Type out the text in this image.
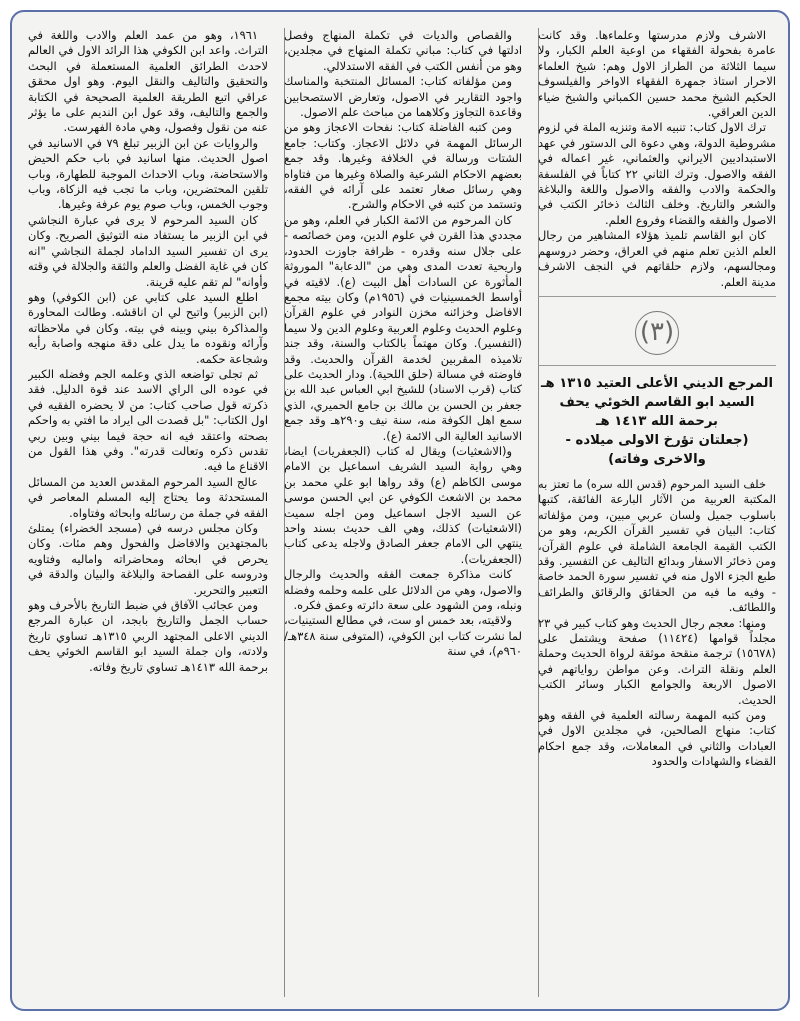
الاشرف ولازم مدرستها وعلماءها. وقد كانت عامرة بفحولة الفقهاء من اوعية العلم الكبار، ولا سيما الثلاثة من الطراز الاول وهم: شيخ العلماء الاحرار استاذ جمهرة الفقهاء الاواخر والفيلسوف الحكيم الشيخ محمد حسين الكمباني والشيخ ضياء الدين العراقي.

ترك الاول كتاب: تنبيه الامة وتنزيه الملة في لزوم مشروطية الدولة، وهي دعوة الى الدستور في عهد الاستبداديين الايراني والعثماني، غير اعماله في الفقه والاصول. وترك الثاني ٢٢ كتاباً في الفلسفة والحكمة والادب والفقه والاصول واللغة والبلاغة والشعر والتاريخ. وخلف الثالث ذخائر الكتب في الاصول والفقه والقضاء وفروع العلم.

كان ابو القاسم تلميذ هؤلاء المشاهير من رجال العلم الذين تعلم منهم في العراق، وحضر دروسهم ومجالسهم، ولازم حلقاتهم في النجف الاشرف مدينة العلم.

(٣)
المرجع الديني الأعلى العتيد ١٣١٥ هـ
السيد ابو القاسم الخوئي يحف برحمة الله ١٤١٣ هـ
(جعلتان تؤرخ الاولى ميلاده - والاخرى وفاته)

خلف السيد المرحوم (قدس الله سره) ما تعتز به المكتبة العربية من الآثار البارعة الفائقة، كتبها باسلوب جميل ولسان عربي مبين، ومن مؤلفاته كتاب: البيان في تفسير القرآن الكريم، وهو من الكتب القيمة الجامعة الشاملة في علوم القرآن، ومن ذخائر الاسفار وبدائع التاليف عن التفسير. وقد طبع الجزء الاول منه في تفسير سورة الحمد خاصة - وفيه ما فيه من الحقائق والرقائق والطرائف واللطائف.

ومنها: معجم رجال الحديث وهو كتاب كبير في ٢٣ مجلداً قوامها (١١٤٢٤) صفحة ويشتمل على (١٥٦٧٨) ترجمة منقحة موثقة لرواة الحديث وحملة العلم ونقلة التراث. وعن مواطن رواياتهم في الاصول الاربعة والجوامع الكبار وسائر الكتب الحديث.

ومن كتبه المهمة رسالته العلمية في الفقه وهو كتاب: منهاج الصالحين، في مجلدين الاول في العبادات والثاني في المعاملات، وقد جمع احكام القضاء والشهادات والحدود

والقصاص والديات في تكملة المنهاج وفصل ادلتها في كتاب: مباني تكملة المنهاج في مجلدين، وهو من أنفس الكتب في الفقه الاستدلالي.

ومن مؤلفاته كتاب: المسائل المنتخبة والمناسك واجود التقارير في الاصول، وتعارض الاستصحابين وقاعدة التجاوز وكلاهما من مباحث علم الاصول.

ومن كتبه الفاضلة كتاب: نفحات الاعجاز وهو من الرسائل المهمة في دلائل الاعجاز. وكتاب: جامع الشتات ورسالة في الخلافة وغيرها. وقد جمع بعضهم الاحكام الشرعية والصلاة وغيرها من فتاواه وهي رسائل صغار تعتمد على آرائه في الفقه، وتستمد من كتبه في الاحكام والشرح.

كان المرحوم من الائمة الكبار في العلم، وهو من مجددي هذا القرن في علوم الدين، ومن خصائصه - على جلال سنه وقدره - ظرافة جاوزت الحدود، واريحية تعدت المدى وهي من "الدعابة" الموروثة المأثورة عن السادات أهل البيت (ع). لاقيته في أواسط الخمسينيات في (١٩٥٦م) وكان بيته مجمع الافاضل وخزائنه مخزن النوادر في علوم القرآن وعلوم الحديث وعلوم العربية وعلوم الدين ولا سيما (التفسير). وكان مهتماً بالكتاب والسنة، وقد جند تلاميذه المقربين لخدمة القرآن والحديث. وقد فاوضته في مسالة (حلق اللحية). ودار الحديث على كتاب (قرب الاسناد) للشيخ ابي العباس عبد الله بن جعفر بن الحسن بن مالك بن جامع الحميري، الذي سمع اهل الكوفة منه، سنة نيف و٢٩٠هـ وقد جمع الاسانيد العالية الى الائمة (ع).

و(الاشعثيات) ويقال له كتاب (الجعفريات) ايضا، وهي رواية السيد الشريف اسماعيل بن الامام موسى الكاظم (ع) وقد رواها ابو علي محمد بن محمد بن الاشعث الكوفي عن ابي الحسن موسى عن السيد الاجل اسماعيل ومن اجله سميت (الاشعثيات) كذلك، وهي الف حديث بسند واحد ينتهي الى الامام جعفر الصادق ولاجله يدعى كتاب (الجعفريات).

كانت مذاكرة جمعت الفقه والحديث والرجال والاصول، وهي من الدلائل على علمه وحلمه وفضله ونبله، ومن الشهود على سعة دائرته وعمق فكره.

ولاقيته، بعد خمس او ست، في مطالع الستينيات، لما نشرت كتاب ابن الكوفي، (المتوفى سنة ٣٤٨هـ/٩٦٠م)، في سنة

١٩٦١، وهو من عمد العلم والادب واللغة في التراث. واعد ابن الكوفي هذا الرائد الاول في العالم لاحدث الطرائق العلمية المستعملة في البحث والتحقيق والتاليف والنقل اليوم. وهو اول محقق عراقي اتبع الطريقة العلمية الصحيحة في الكتابة والجمع والتاليف، وقد عول ابن النديم على ما يؤثر عنه من نقول وفصول، وهي مادة الفهرست.

والروايات عن ابن الزبير تبلغ ٧٩ في الاسانيد في اصول الحديث. منها اسانيد في باب حكم الحيض والاستحاضة، وباب الاحداث الموجبة للطهارة، وباب تلقين المحتضرين، وباب ما تجب فيه الزكاة، وباب وجوب الخمس، وباب صوم يوم عرفة وغيرها.

كان السيد المرحوم لا يرى في عبارة النجاشي في ابن الزبير ما يستفاد منه التوثيق الصريح. وكان يرى ان تفسير السيد الداماد لجملة النجاشي "انه كان في غاية الفضل والعلم والثقة والجلالة في وقته وأوانه" لم تقم عليه قرينة.

اطلع السيد على كتابي عن (ابن الكوفي) وهو (ابن الزبير) واتيح لي ان اناقشه. وطالت المحاورة والمذاكرة بيني وبينه في بيته. وكان في ملاحظاته وآرائه ونقوده ما يدل على دقة منهجه واصابة رأيه وشجاعة حكمه.

ثم تجلى تواضعه الذي وعلمه الجم وفضله الكبير في عوده الى الراي الاسد عند قوة الدليل. فقد ذكرته قول صاحب كتاب: من لا يحضره الفقيه في اول الكتاب: "بل قصدت الى ايراد ما افتي به واحكم بصحته واعتقد فيه انه حجة فيما بيني وبين ربي تقدس ذكره وتعالت قدرته". وفي هذا القول من الاقناع ما فيه.

عالج السيد المرحوم المقدس العديد من المسائل المستحدثة وما يحتاج إليه المسلم المعاصر في الفقه في جملة من رسائله وابحاثه وفتاواه.

وكان مجلس درسه في (مسجد الخضراء) يمتلئ بالمجتهدين والافاضل والفحول وهم مئات. وكان يحرص في ابحاثه ومحاضراته واماليه وفتاويه ودروسه على الفصاحة والبلاغة والبيان والدقة في التعبير والتحرير.

ومن عجائب الآفاق في ضبط التاريخ بالأحرف وهو حساب الجمل والتاريخ بابجد، ان عبارة المرجع الديني الاعلى المجتهد الربي ١٣١٥هـ تساوي تاريخ ولادته، وان جملة السيد ابو القاسم الخوئي يحف برحمة الله ١٤١٣هـ تساوي تاريخ وفاته.
